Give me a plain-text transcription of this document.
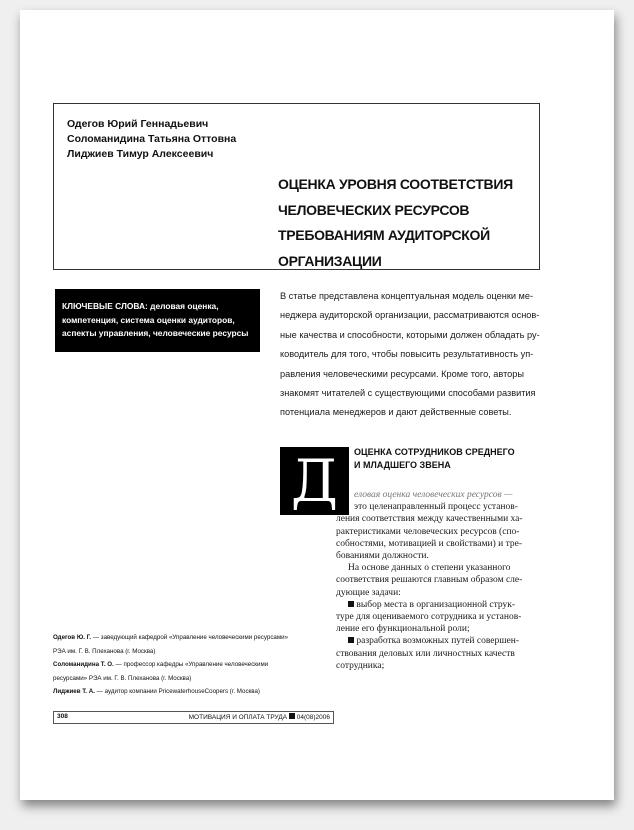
Одегов Юрий Геннадьевич
Соломанидина Татьяна Оттовна
Лиджиев Тимур Алексеевич
ОЦЕНКА УРОВНЯ СООТВЕТСТВИЯ
ЧЕЛОВЕЧЕСКИХ РЕСУРСОВ
ТРЕБОВАНИЯМ АУДИТОРСКОЙ
ОРГАНИЗАЦИИ
КЛЮЧЕВЫЕ СЛОВА: деловая оценка,
компетенция, система оценки аудиторов,
аспекты управления, человеческие ресурсы
В статье представлена концептуальная модель оценки ме-
неджера аудиторской организации, рассматриваются основ-
ные качества и способности, которыми должен обладать ру-
ководитель для того, чтобы повысить результативность уп-
равления человеческими ресурсами. Кроме того, авторы
знакомят читателей с существующими способами развития
потенциала менеджеров и дают действенные советы.
Д	ОЦЕНКА СОТРУДНИКОВ СРЕДНЕГО
И МЛАДШЕГО ЗВЕНА
еловая оценка человеческих ресурсов —
это целенаправленный процесс установ-
ления соответствия между качественными ха-
рактеристиками человеческих ресурсов (спо-
собностями, мотивацией и свойствами) и тре-
бованиями должности.
На основе данных о степени указанного
соответствия решаются главным образом сле-
дующие задачи:
выбор места в организационной струк-
туре для оцениваемого сотрудника и установ-
ление его функциональной роли;
разработка возможных путей совершен-
ствования деловых или личностных качеств
сотрудника;
Одегов Ю. Г. — заведующий кафедрой «Управление человеческими ресурсами»
РЭА им. Г. В. Плеханова (г. Москва)
Соломанидина Т. О. — профессор кафедры «Управление человеческими
ресурсами» РЭА им. Г. В. Плеханова (г. Москва)
Лиджиев Т. А. — аудитор компании PricewaterhouseCoopers (г. Москва)
308	МОТИВАЦИЯ И ОПЛАТА ТРУДА 04(08)2006
